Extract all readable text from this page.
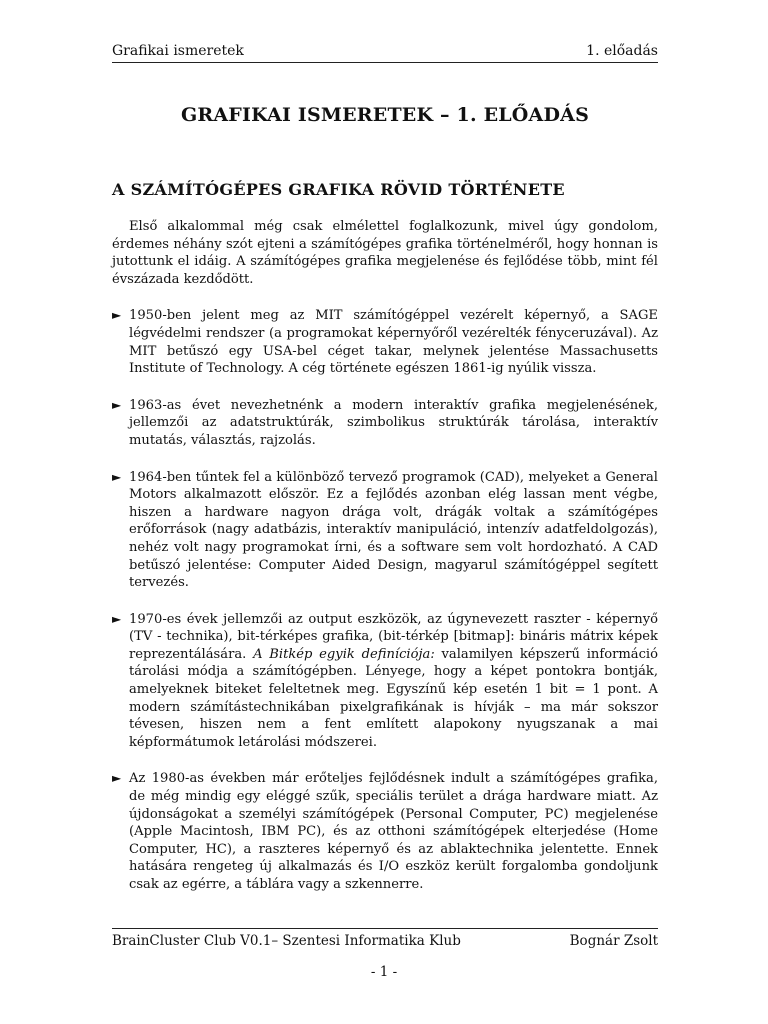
Grafikai ismeretek	1. előadás
GRAFIKAI ISMERETEK – 1. ELŐADÁS
A SZÁMÍTÓGÉPES GRAFIKA RÖVID TÖRTÉNETE

Első alkalommal még csak elmélettel foglalkozunk, mivel úgy gondolom, érdemes néhány szót ejteni a számítógépes grafika történelméről, hogy honnan is jutottunk el idáig. A számítógépes grafika megjelenése és fejlődése több, mint fél évszázada kezdődött.

► 1950-ben jelent meg az MIT számítógéppel vezérelt képernyő, a SAGE légvédelmi rendszer (a programokat képernyőről vezérelték fényceruzával). Az MIT betűszó egy USA-bel céget takar, melynek jelentése Massachusetts Institute of Technology. A cég története egészen 1861-ig nyúlik vissza.
► 1963-as évet nevezhetnénk a modern interaktív grafika megjelenésének, jellemzői az adatstruktúrák, szimbolikus struktúrák tárolása, interaktív mutatás, választás, rajzolás.
► 1964-ben tűntek fel a különböző tervező programok (CAD), melyeket a General Motors alkalmazott először. Ez a fejlődés azonban elég lassan ment végbe, hiszen a hardware nagyon drága volt, drágák voltak a számítógépes erőforrások (nagy adatbázis, interaktív manipuláció, intenzív adatfeldolgozás), nehéz volt nagy programokat írni, és a software sem volt hordozható. A CAD betűszó jelentése: Computer Aided Design, magyarul számítógéppel segített tervezés.
► 1970-es évek jellemzői az output eszközök, az úgynevezett raszter - képernyő (TV - technika), bit-térképes grafika, (bit-térkép [bitmap]: bináris mátrix képek reprezentálására. A Bitkép egyik definíciója: valamilyen képszerű információ tárolási módja a számítógépben. Lényege, hogy a képet pontokra bontják, amelyeknek biteket feleltetnek meg. Egyszínű kép esetén 1 bit = 1 pont. A modern számítástechnikában pixelgrafikának is hívják – ma már sokszor tévesen, hiszen nem a fent említett alapokony nyugszanak a mai képformátumok letárolási módszerei.
► Az 1980-as években már erőteljes fejlődésnek indult a számítógépes grafika, de még mindig egy eléggé szűk, speciális terület a drága hardware miatt. Az újdonságokat a személyi számítógépek (Personal Computer, PC) megjelenése (Apple Macintosh, IBM PC), és az otthoni számítógépek elterjedése (Home Computer, HC), a raszteres képernyő és az ablaktechnika jelentette. Ennek hatására rengeteg új alkalmazás és I/O eszköz került forgalomba gondoljunk csak az egérre, a táblára vagy a szkennerre.
BrainCluster Club V0.1– Szentesi Informatika Klub	Bognár Zsolt
- 1 -
